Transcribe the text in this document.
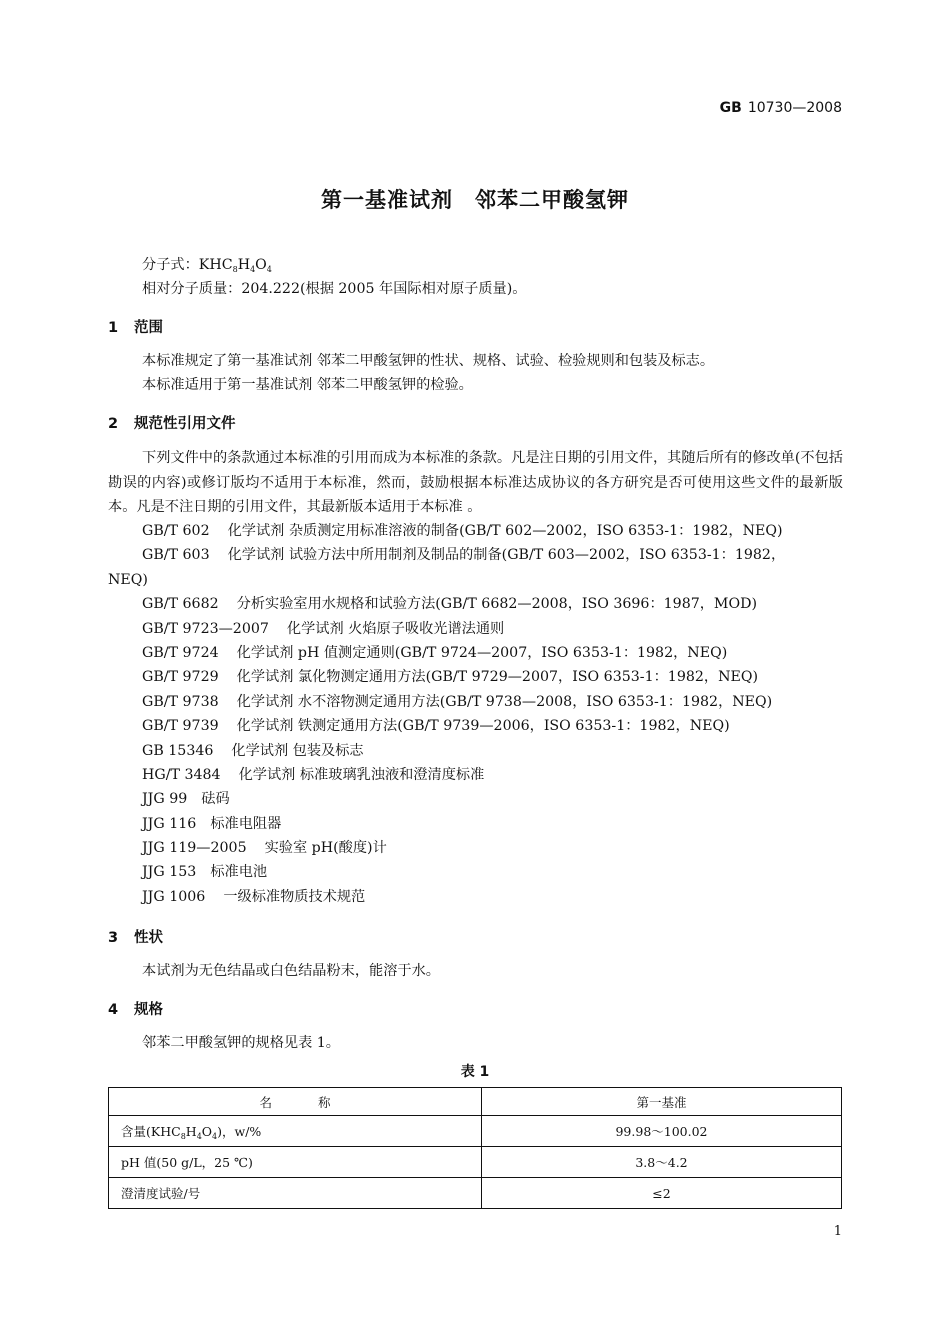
GB 10730—2008
第一基准试剂 邻苯二甲酸氢钾
分子式：$KHC_8H_4O_4$
相对分子质量：204.222(根据 2005 年国际相对原子质量)。
1 范围
本标准规定了第一基准试剂 邻苯二甲酸氢钾的性状、规格、试验、检验规则和包装及标志。
本标准适用于第一基准试剂 邻苯二甲酸氢钾的检验。
2 规范性引用文件
下列文件中的条款通过本标准的引用而成为本标准的条款。凡是注日期的引用文件，其随后所有的修改单(不包括勘误的内容)或修订版均不适用于本标准，然而，鼓励根据本标准达成协议的各方研究是否可使用这些文件的最新版本。凡是不注日期的引用文件，其最新版本适用于本标准 。
GB/T 602 化学试剂 杂质测定用标准溶液的制备(GB/T 602—2002，ISO 6353-1：1982，NEQ)
GB/T 603 化学试剂 试验方法中所用制剂及制品的制备(GB/T 603—2002，ISO 6353-1：1982，
NEQ)
GB/T 6682 分析实验室用水规格和试验方法(GB/T 6682—2008，ISO 3696：1987，MOD)
GB/T 9723—2007 化学试剂 火焰原子吸收光谱法通则
GB/T 9724 化学试剂 pH 值测定通则(GB/T 9724—2007，ISO 6353-1：1982，NEQ)
GB/T 9729 化学试剂 氯化物测定通用方法(GB/T 9729—2007，ISO 6353-1：1982，NEQ)
GB/T 9738 化学试剂 水不溶物测定通用方法(GB/T 9738—2008，ISO 6353-1：1982，NEQ)
GB/T 9739 化学试剂 铁测定通用方法(GB/T 9739—2006，ISO 6353-1：1982，NEQ)
GB 15346 化学试剂 包装及标志
HG/T 3484 化学试剂 标准玻璃乳浊液和澄清度标准
JJG 99 砝码
JJG 116 标准电阻器
JJG 119—2005 实验室 pH(酸度)计
JJG 153 标准电池
JJG 1006 一级标准物质技术规范
3 性状
本试剂为无色结晶或白色结晶粉末，能溶于水。
4 规格
邻苯二甲酸氢钾的规格见表 1。
表 1
名 称	第一基准
含量$(KHC_8H_4O_4)$，w/%	99.98～100.02
pH 值(50 g/L，25 ℃)	3.8～4.2
澄清度试验/号	≤2
1
